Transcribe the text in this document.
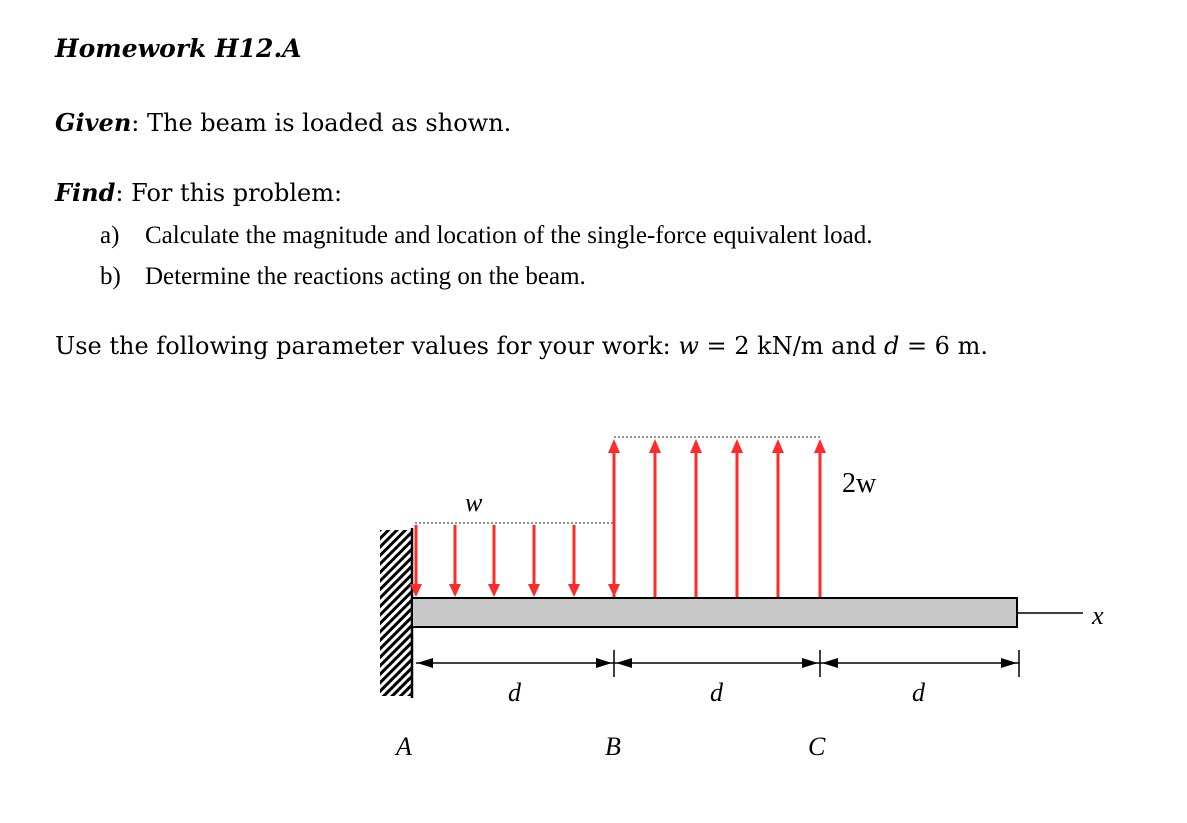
Homework H12.A
Given: The beam is loaded as shown.
Find: For this problem:
a) Calculate the magnitude and location of the single-force equivalent load.
b) Determine the reactions acting on the beam.
Use the following parameter values for your work: w = 2 kN/m and d = 6 m.
x
w
2w
d	d	d
A	B	C
